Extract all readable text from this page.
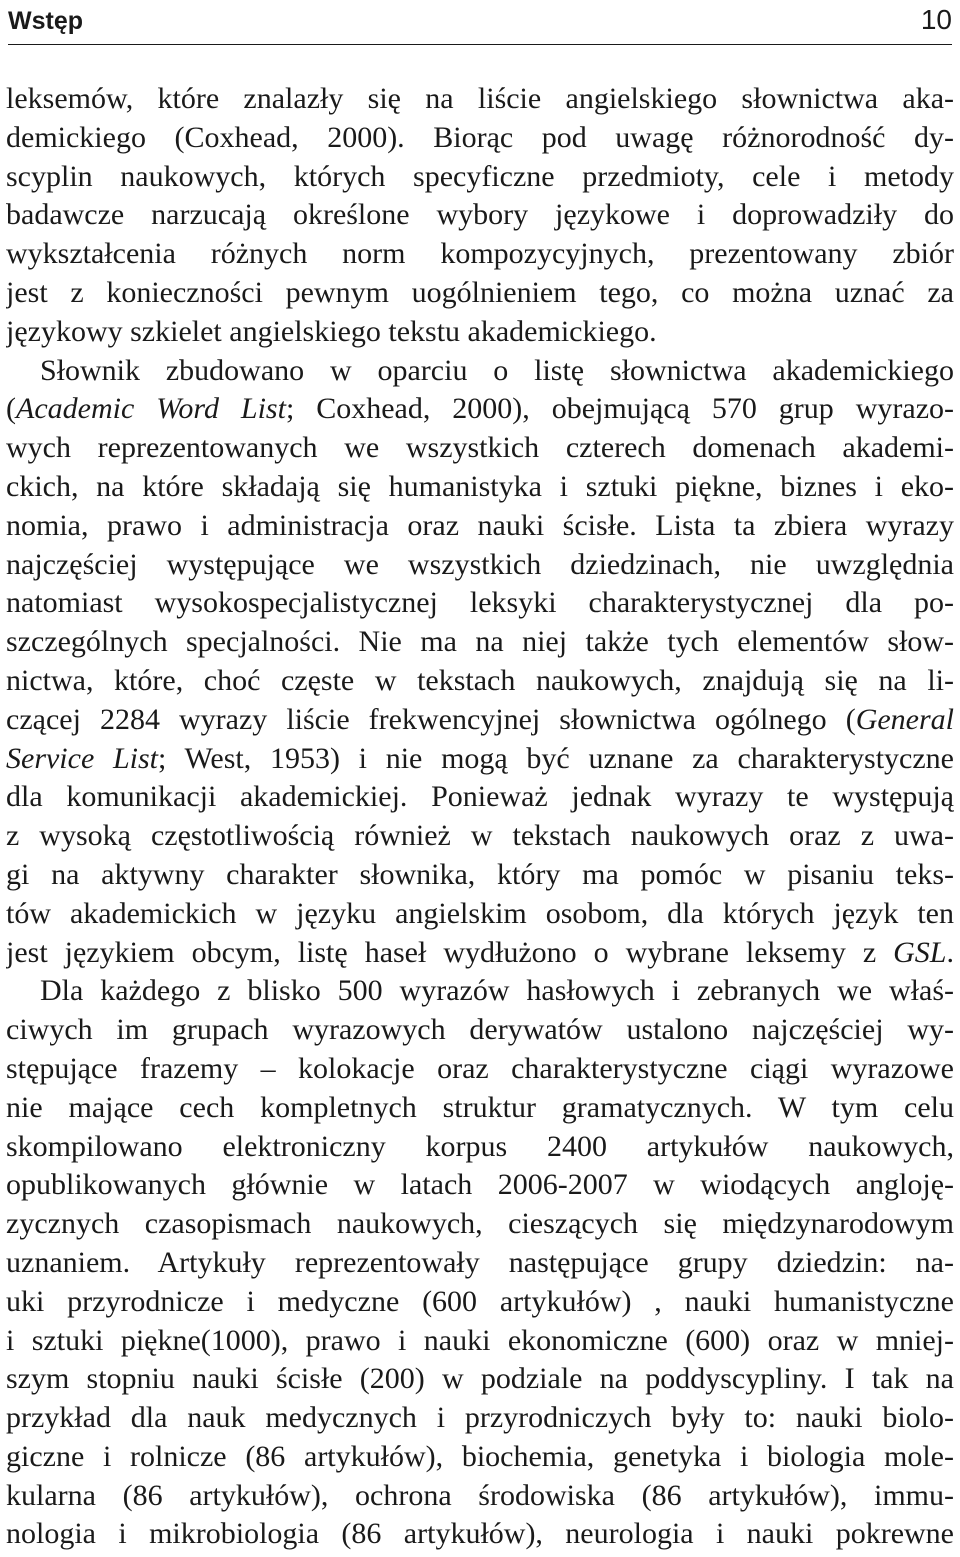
Wstęp	10
leksemów, które znalazły się na liście angielskiego słownictwa aka-
demickiego (Coxhead, 2000). Biorąc pod uwagę różnorodność dy-
scyplin naukowych, których specyficzne przedmioty, cele i metody
badawcze narzucają określone wybory językowe i doprowadziły do
wykształcenia różnych norm kompozycyjnych, prezentowany zbiór
jest z konieczności pewnym uogólnieniem tego, co można uznać za
językowy szkielet angielskiego tekstu akademickiego.
Słownik zbudowano w oparciu o listę słownictwa akademickiego
(Academic Word List; Coxhead, 2000), obejmującą 570 grup wyrazo-
wych reprezentowanych we wszystkich czterech domenach akademi-
ckich, na które składają się humanistyka i sztuki piękne, biznes i eko-
nomia, prawo i administracja oraz nauki ścisłe. Lista ta zbiera wyrazy
najczęściej występujące we wszystkich dziedzinach, nie uwzględnia
natomiast wysokospecjalistycznej leksyki charakterystycznej dla po-
szczególnych specjalności. Nie ma na niej także tych elementów słow-
nictwa, które, choć częste w tekstach naukowych, znajdują się na li-
czącej 2284 wyrazy liście frekwencyjnej słownictwa ogólnego (General
Service List; West, 1953) i nie mogą być uznane za charakterystyczne
dla komunikacji akademickiej. Ponieważ jednak wyrazy te występują
z wysoką częstotliwością również w tekstach naukowych oraz z uwa-
gi na aktywny charakter słownika, który ma pomóc w pisaniu teks-
tów akademickich w języku angielskim osobom, dla których język ten
jest językiem obcym, listę haseł wydłużono o wybrane leksemy z GSL.
Dla każdego z blisko 500 wyrazów hasłowych i zebranych we właś-
ciwych im grupach wyrazowych derywatów ustalono najczęściej wy-
stępujące frazemy – kolokacje oraz charakterystyczne ciągi wyrazowe
nie mające cech kompletnych struktur gramatycznych. W tym celu
skompilowano elektroniczny korpus 2400 artykułów naukowych,
opublikowanych głównie w latach 2006-2007 w wiodących angloję-
zycznych czasopismach naukowych, cieszących się międzynarodowym
uznaniem. Artykuły reprezentowały następujące grupy dziedzin: na-
uki przyrodnicze i medyczne (600 artykułów) , nauki humanistyczne
i sztuki piękne(1000), prawo i nauki ekonomiczne (600) oraz w mniej-
szym stopniu nauki ścisłe (200) w podziale na poddyscypliny. I tak na
przykład dla nauk medycznych i przyrodniczych były to: nauki biolo-
giczne i rolnicze (86 artykułów), biochemia, genetyka i biologia mole-
kularna (86 artykułów), ochrona środowiska (86 artykułów), immu-
nologia i mikrobiologia (86 artykułów), neurologia i nauki pokrewne
